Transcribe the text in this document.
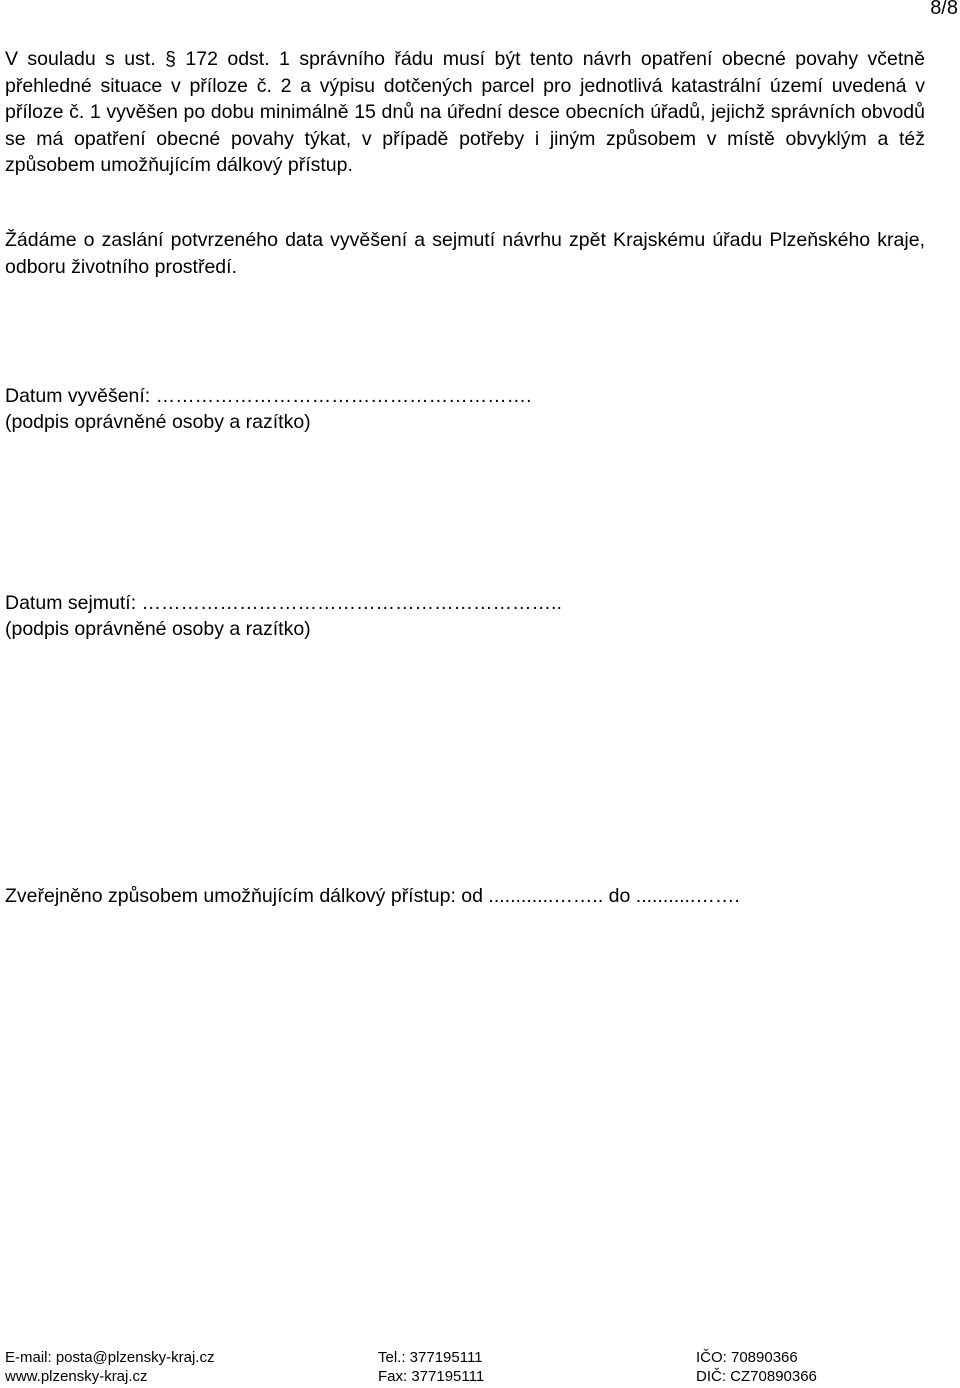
8/8
V souladu s ust. § 172 odst. 1 správního řádu musí být tento návrh opatření obecné povahy včetně přehledné situace v příloze č. 2 a výpisu dotčených parcel pro jednotlivá katastrální území uvedená v příloze č. 1 vyvěšen po dobu minimálně 15 dnů na úřední desce obecních úřadů, jejichž správních obvodů se má opatření obecné povahy týkat, v případě potřeby i jiným způsobem v místě obvyklým a též způsobem umožňujícím dálkový přístup.
Žádáme o zaslání potvrzeného data vyvěšení a sejmutí návrhu zpět Krajskému úřadu Plzeňského kraje, odboru životního prostředí.
Datum vyvěšení: ………………………………………………….
(podpis oprávněné osoby a razítko)
Datum sejmutí: ………………………………………………………..
(podpis oprávněné osoby a razítko)
Zveřejněno způsobem umožňujícím dálkový přístup: od ............…….. do ...........…….
E-mail: posta@plzensky-kraj.cz
www.plzensky-kraj.cz
Tel.: 377195111
Fax: 377195111
IČO: 70890366
DIČ: CZ70890366
